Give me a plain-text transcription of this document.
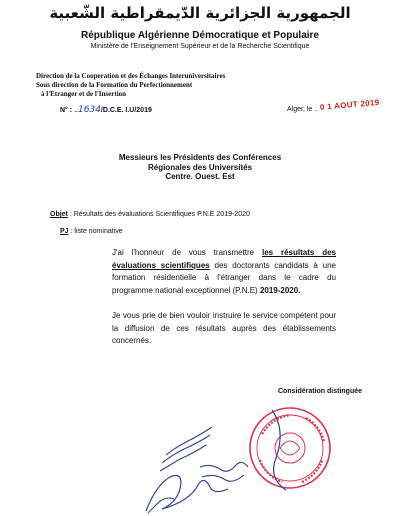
الجمهورية الجزائرية الدّيمقراطية الشّعبية
République Algérienne Démocratique et Populaire
Ministère de l'Enseignement Supérieur et de la Recherche Scientifique
Direction de la Cooperation et des Échanges Interuniversitaires
Sous direction de la Formation du Perfectionnement
à l'Etranger et de l'Insertion
N° : ..1634/D.C.E. I.U/2019	Alger, le .. 0 1 AOUT 2019
Messieurs les Présidents des Conférences
Régionales des Universités
Centre. Ouest. Est
Objet : Résultats des évaluations Scientifiques P.N.E 2019-2020
PJ : liste nominative
J'ai l'honneur de vous transmettre les résultats des évaluations scientifiques des doctorants candidats à une formation résidentielle à l'étranger dans le cadre du programme national exceptionnel (P.N.E) 2019-2020.
Je vous prie de bien vouloir instruire le service compétent pour la diffusion de ces résultats auprès des établissements concernés.
Considération distinguée
